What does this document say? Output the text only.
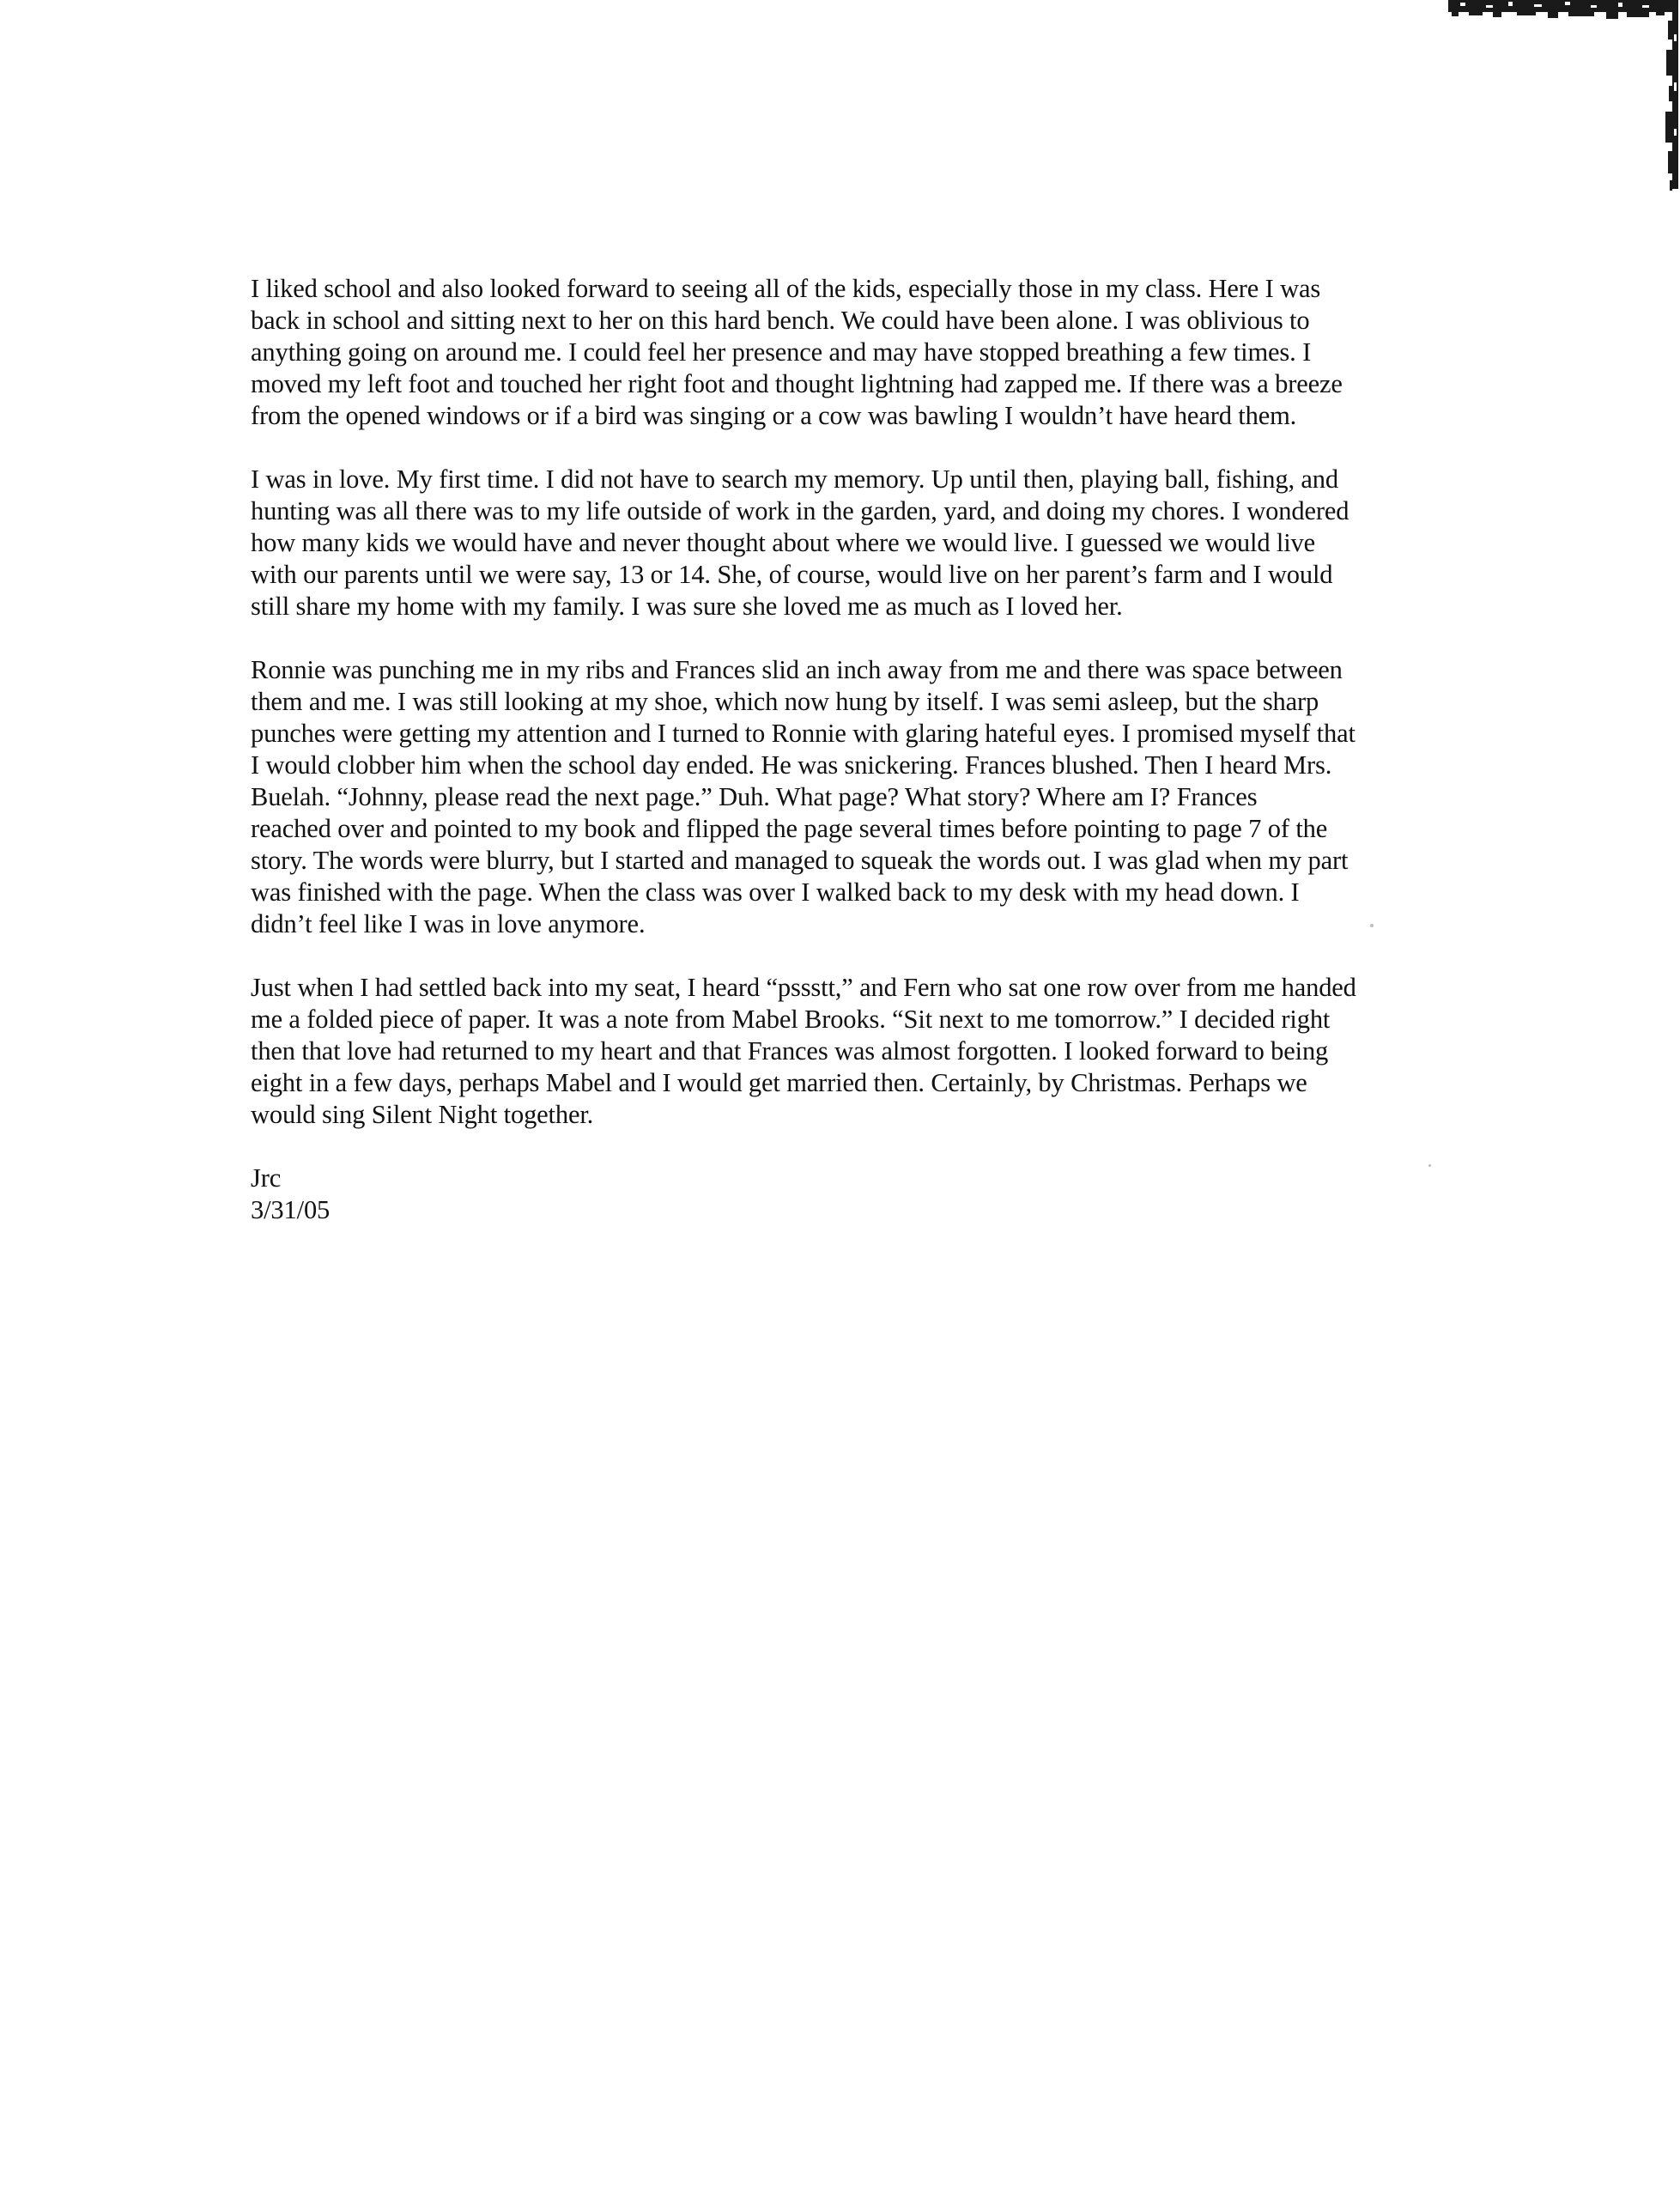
I liked school and also looked forward to seeing all of the kids, especially those in my class. Here I was
back in school and sitting next to her on this hard bench. We could have been alone. I was oblivious to
anything going on around me. I could feel her presence and may have stopped breathing a few times. I
moved my left foot and touched her right foot and thought lightning had zapped me. If there was a breeze
from the opened windows or if a bird was singing or a cow was bawling I wouldn’t have heard them.
I was in love. My first time. I did not have to search my memory. Up until then, playing ball, fishing, and
hunting was all there was to my life outside of work in the garden, yard, and doing my chores. I wondered
how many kids we would have and never thought about where we would live. I guessed we would live
with our parents until we were say, 13 or 14. She, of course, would live on her parent’s farm and I would
still share my home with my family. I was sure she loved me as much as I loved her.
Ronnie was punching me in my ribs and Frances slid an inch away from me and there was space between
them and me. I was still looking at my shoe, which now hung by itself. I was semi asleep, but the sharp
punches were getting my attention and I turned to Ronnie with glaring hateful eyes. I promised myself that
I would clobber him when the school day ended. He was snickering. Frances blushed. Then I heard Mrs.
Buelah. “Johnny, please read the next page.” Duh. What page? What story? Where am I? Frances
reached over and pointed to my book and flipped the page several times before pointing to page 7 of the
story. The words were blurry, but I started and managed to squeak the words out. I was glad when my part
was finished with the page. When the class was over I walked back to my desk with my head down. I
didn’t feel like I was in love anymore.
Just when I had settled back into my seat, I heard “pssstt,” and Fern who sat one row over from me handed
me a folded piece of paper. It was a note from Mabel Brooks. “Sit next to me tomorrow.” I decided right
then that love had returned to my heart and that Frances was almost forgotten. I looked forward to being
eight in a few days, perhaps Mabel and I would get married then. Certainly, by Christmas. Perhaps we
would sing Silent Night together.
Jrc
3/31/05
